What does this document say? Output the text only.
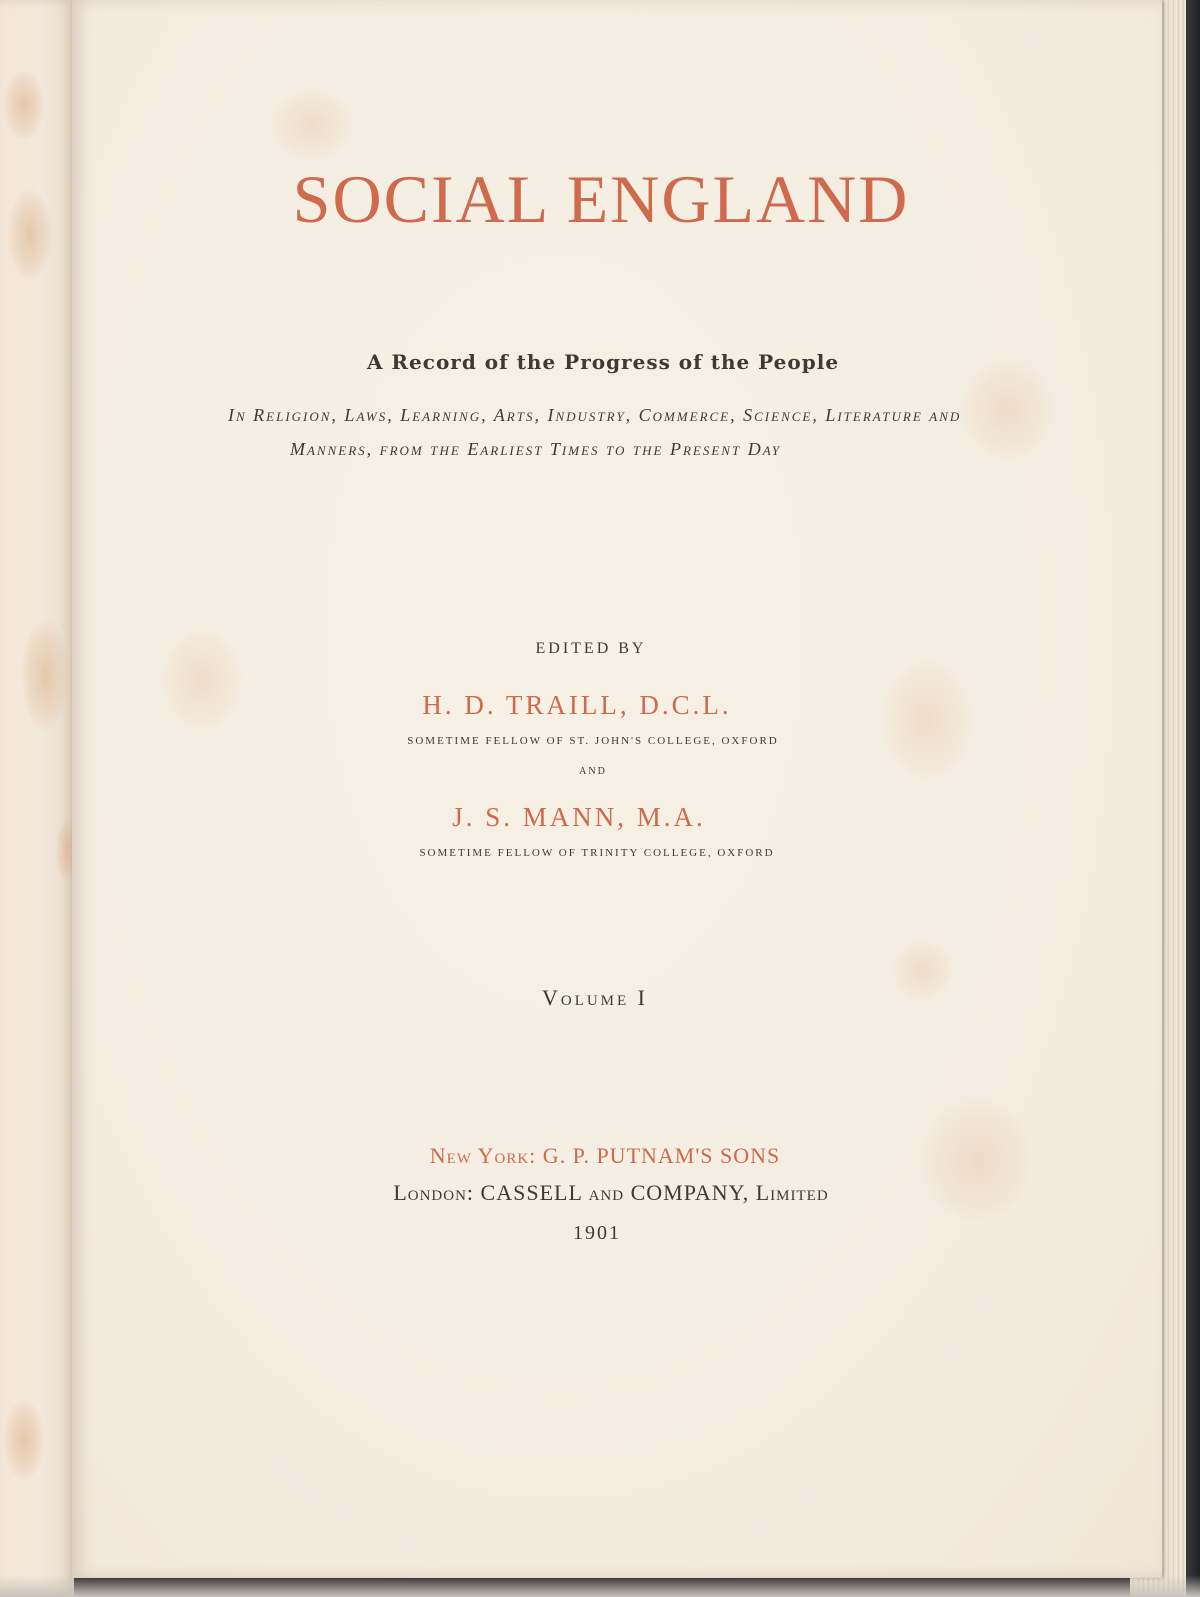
SOCIAL ENGLAND

A Record of the Progress of the People

In Religion, Laws, Learning, Arts, Industry, Commerce, Science, Literature and Manners, from the Earliest Times to the Present Day

EDITED BY

H. D. TRAILL, D.C.L.

SOMETIME FELLOW OF ST. JOHN'S COLLEGE, OXFORD

AND

J. S. MANN, M.A.

SOMETIME FELLOW OF TRINITY COLLEGE, OXFORD

Volume I

New York: G. P. PUTNAM'S SONS

London: CASSELL and COMPANY, Limited

1901
